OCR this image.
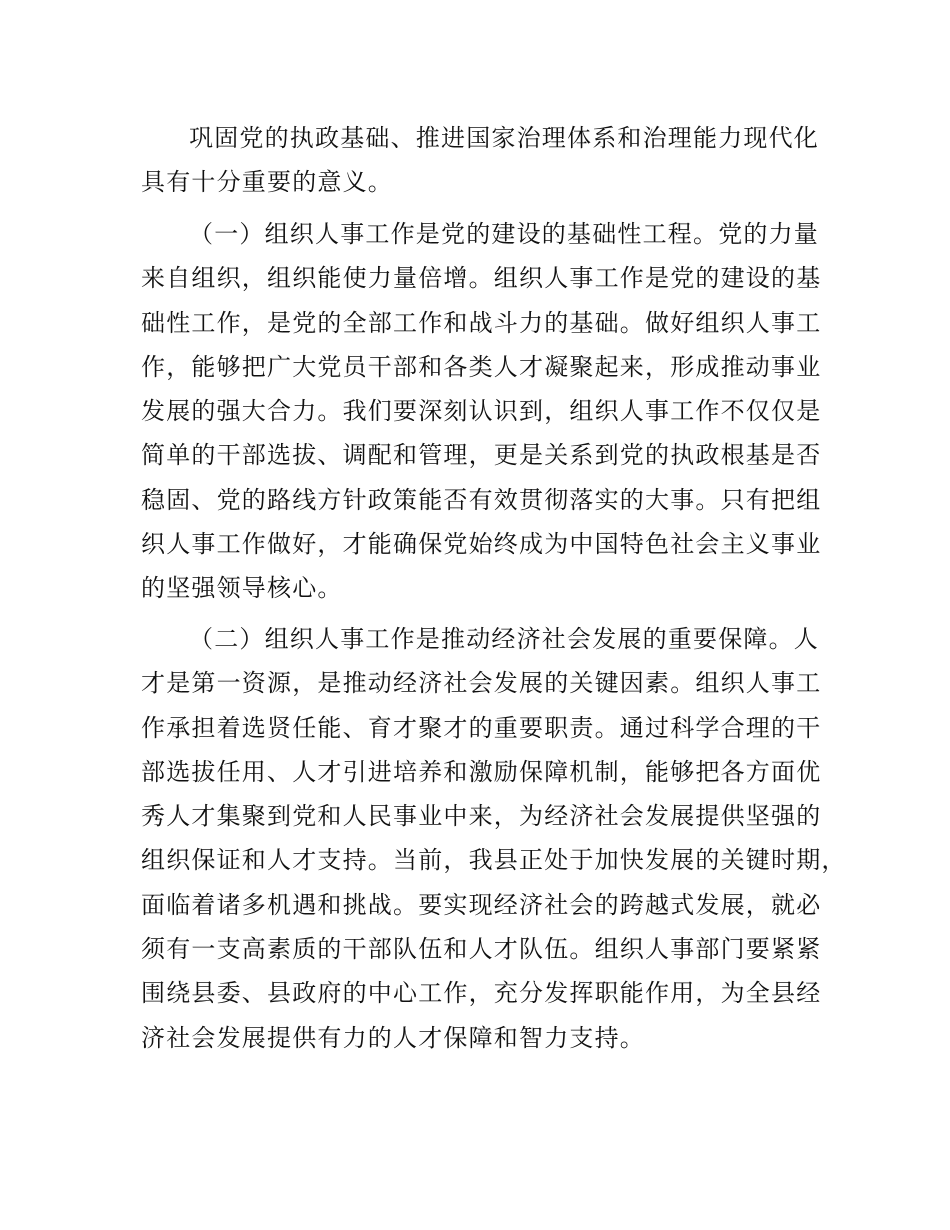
巩固党的执政基础、推进国家治理体系和治理能力现代化
具有十分重要的意义。
（一）组织人事工作是党的建设的基础性工程。党的力量
来自组织，组织能使力量倍增。组织人事工作是党的建设的基
础性工作，是党的全部工作和战斗力的基础。做好组织人事工
作，能够把广大党员干部和各类人才凝聚起来，形成推动事业
发展的强大合力。我们要深刻认识到，组织人事工作不仅仅是
简单的干部选拔、调配和管理，更是关系到党的执政根基是否
稳固、党的路线方针政策能否有效贯彻落实的大事。只有把组
织人事工作做好，才能确保党始终成为中国特色社会主义事业
的坚强领导核心。
（二）组织人事工作是推动经济社会发展的重要保障。人
才是第一资源，是推动经济社会发展的关键因素。组织人事工
作承担着选贤任能、育才聚才的重要职责。通过科学合理的干
部选拔任用、人才引进培养和激励保障机制，能够把各方面优
秀人才集聚到党和人民事业中来，为经济社会发展提供坚强的
组织保证和人才支持。当前，我县正处于加快发展的关键时期，
面临着诸多机遇和挑战。要实现经济社会的跨越式发展，就必
须有一支高素质的干部队伍和人才队伍。组织人事部门要紧紧
围绕县委、县政府的中心工作，充分发挥职能作用，为全县经
济社会发展提供有力的人才保障和智力支持。
